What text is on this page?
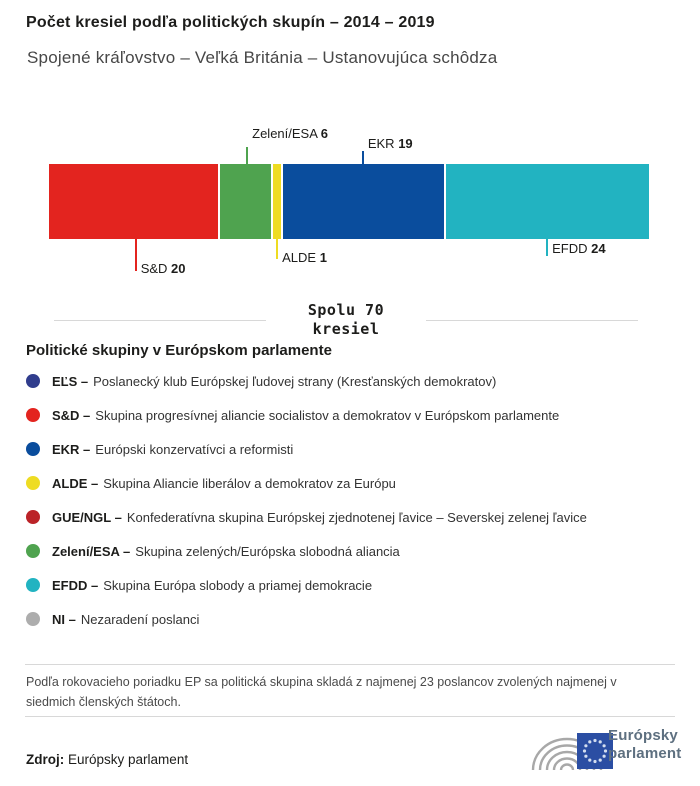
Počet kresiel podľa politických skupín – 2014 – 2019
Spojené kráľovstvo – Veľká Británia – Ustanovujúca schôdza
S&D 20
Zelení/ESA 6
ALDE 1
EKR 19
EFDD 24
Spolu 70
kresiel
Politické skupiny v Európskom parlamente
EĽS – Poslanecký klub Európskej ľudovej strany (Kresťanských demokratov)
S&D – Skupina progresívnej aliancie socialistov a demokratov v Európskom parlamente
EKR – Európski konzervatívci a reformisti
ALDE – Skupina Aliancie liberálov a demokratov za Európu
GUE/NGL – Konfederatívna skupina Európskej zjednotenej ľavice – Severskej zelenej ľavice
Zelení/ESA – Skupina zelených/Európska slobodná aliancia
EFDD – Skupina Európa slobody a priamej demokracie
NI – Nezaradení poslanci
Podľa rokovacieho poriadku EP sa politická skupina skladá z najmenej 23 poslancov zvolených najmenej v siedmich členských štátoch.
Zdroj: Európsky parlament
Európsky
parlament
